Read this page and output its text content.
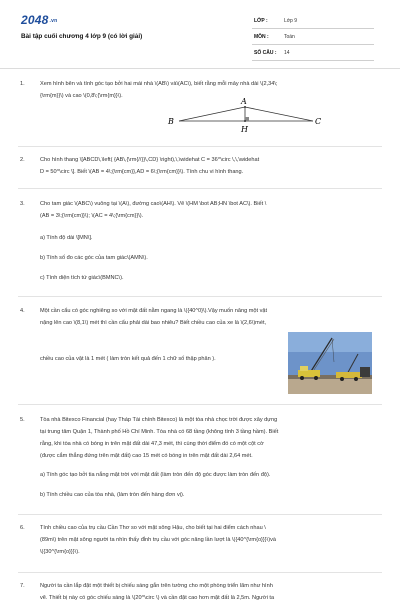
2048.vn
Bài tập cuối chương 4 lớp 9 (có lời giải)
LỚP :	Lớp 9
MÔN :	Toán
SỐ CÂU : 14
1.	Xem hình bên và tính góc tạo bởi hai mái nhà \(AB\) và\(AC\), biết rằng mỗi mảy nhà dài \(2,34\;

{\rm{m}}\) và cao \(0,8\;{\rm{m}}\).

A
B	C
H
2.	Cho hình thang \[ABCD\,\left( {AB\,{\rm{//}}\,CD} \right),\,\widehat C = 36^\circ \,\,\widehat

D = 50^\circ \]. Biết \(AB = 4\;{\rm{cm}},AD = 6\;{\rm{cm}}\). Tính chu vi hình thang.

3.	Cho tam giác \(ABC\) vuông tại \(A\), đường cao\(AH\). Vẽ \(HM \bot AB;HN \bot AC\). Biết \

(AB = 3\;{\rm{cm}}\); \(AC = 4\;{\rm{cm}}\).

a) Tính độ dài \[MN\].
b) Tính số đo các góc của tam giác\(AMN\).
c) Tính diện tích tứ giác\(BMNC\).
4.	Một cần cẩu có góc nghiêng so với mặt đất nằm ngang là \({40^0}\).Vậy muốn nâng một vật

nặng lên cao \(8,1\) mét thì cần cẩu phải dài bao nhiêu? Biết chiều cao của xe là \(2,6\)mét,

chiều cao của vật là 1 mét ( làm tròn kết quả đến 1 chữ số thập phân ).
5.	Tòa nhà Bitexco Financial (hay Tháp Tài chính Bitexco) là một tòa nhà chọc trời được xây dựng

tại trung tâm Quận 1, Thành phố Hồ Chí Minh. Tòa nhà có 68 tầng (không tính 3 tầng hầm). Biết

rằng, khi tòa nhà có bóng in trên mặt đất dài 47,3 mét, thì cùng thời điểm đó có một cột cờ

(được cắm thẳng đứng trên mặt đất) cao 15 mét có bóng in trên mặt đất dài 2,64 mét.

a) Tính góc tạo bởi tia nắng mặt trời với mặt đất (làm tròn đến độ góc được làm tròn đến độ).
b) Tính chiều cao của tòa nhà, (làm tròn đến hàng đơn vị).
6.	Tính chiều cao của trụ cầu Cần Thơ so với mặt sông Hậu, cho biết tại hai điểm cách nhau \

(89m\) trên mặt sông người ta nhìn thấy đỉnh trụ cầu với góc nâng lần lượt là \({40^{\rm{o}}}\)và

\({30^{\rm{o}}}\).

7.	Người ta cần lắp đặt một thiết bị chiếu sáng gắn trên tường cho một phòng triển lãm như hình

vẽ. Thiết bị này có góc chiếu sáng là \(20^\circ \) và cần đặt cao hơn mặt đất là 2,5m. Người ta
